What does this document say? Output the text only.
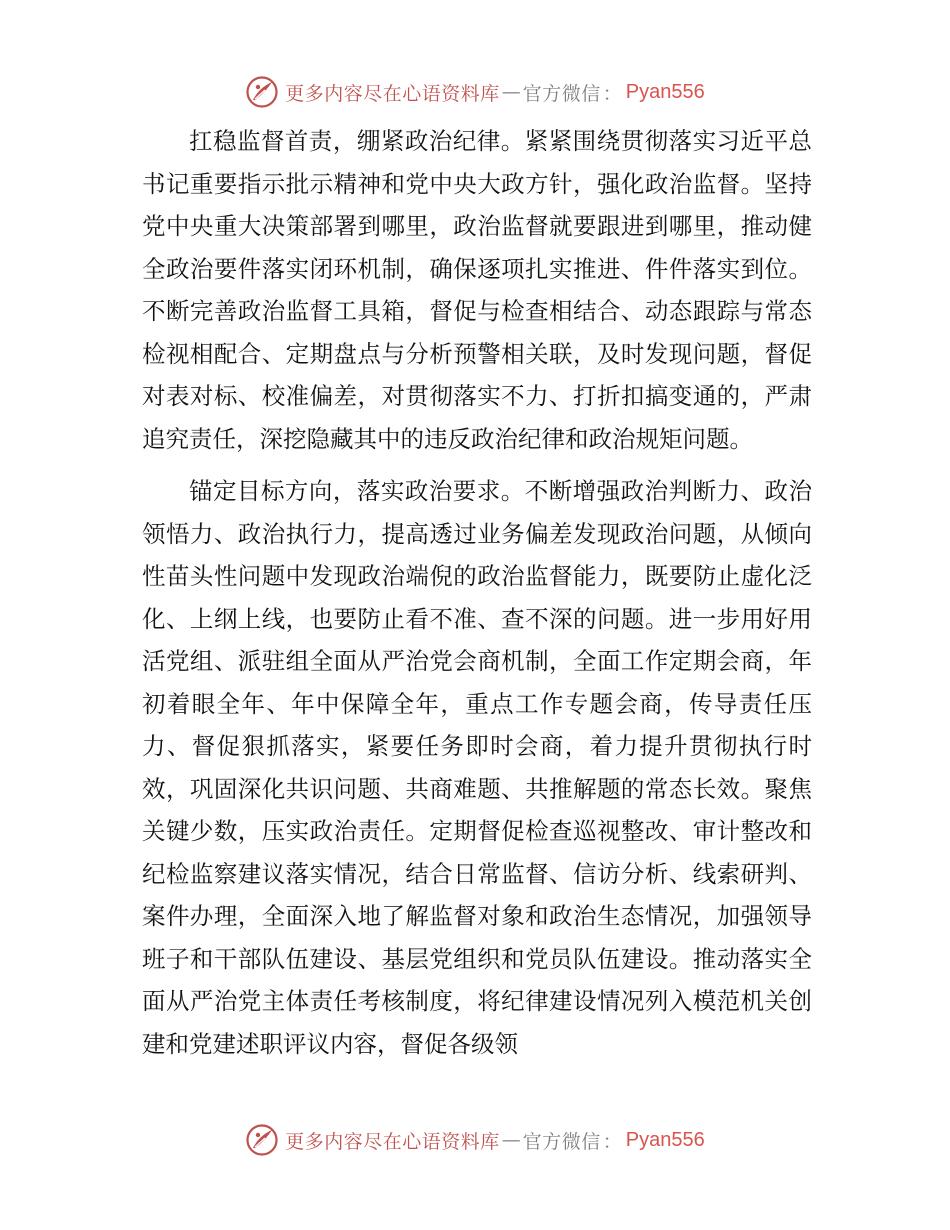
更多内容尽在心语资料库 — 官方微信 ： Pyan556

扛稳监督首责，绷紧政治纪律。紧紧围绕贯彻落实习近平总书记重要指示批示精神和党中央大政方针，强化政治监督。坚持党中央重大决策部署到哪里，政治监督就要跟进到哪里，推动健全政治要件落实闭环机制，确保逐项扎实推进、件件落实到位。不断完善政治监督工具箱，督促与检查相结合、动态跟踪与常态检视相配合、定期盘点与分析预警相关联，及时发现问题，督促对表对标、校准偏差，对贯彻落实不力、打折扣搞变通的，严肃追究责任，深挖隐藏其中的违反政治纪律和政治规矩问题。

锚定目标方向，落实政治要求。不断增强政治判断力、政治领悟力、政治执行力，提高透过业务偏差发现政治问题，从倾向性苗头性问题中发现政治端倪的政治监督能力，既要防止虚化泛化、上纲上线，也要防止看不准、查不深的问题。进一步用好用活党组、派驻组全面从严治党会商机制，全面工作定期会商，年初着眼全年、年中保障全年，重点工作专题会商，传导责任压力、督促狠抓落实，紧要任务即时会商，着力提升贯彻执行时效，巩固深化共识问题、共商难题、共推解题的常态长效。聚焦关键少数，压实政治责任。定期督促检查巡视整改、审计整改和纪检监察建议落实情况，结合日常监督、信访分析、线索研判、案件办理，全面深入地了解监督对象和政治生态情况，加强领导班子和干部队伍建设、基层党组织和党员队伍建设。推动落实全面从严治党主体责任考核制度，将纪律建设情况列入模范机关创建和党建述职评议内容，督促各级领

更多内容尽在心语资料库 — 官方微信 ： Pyan556
